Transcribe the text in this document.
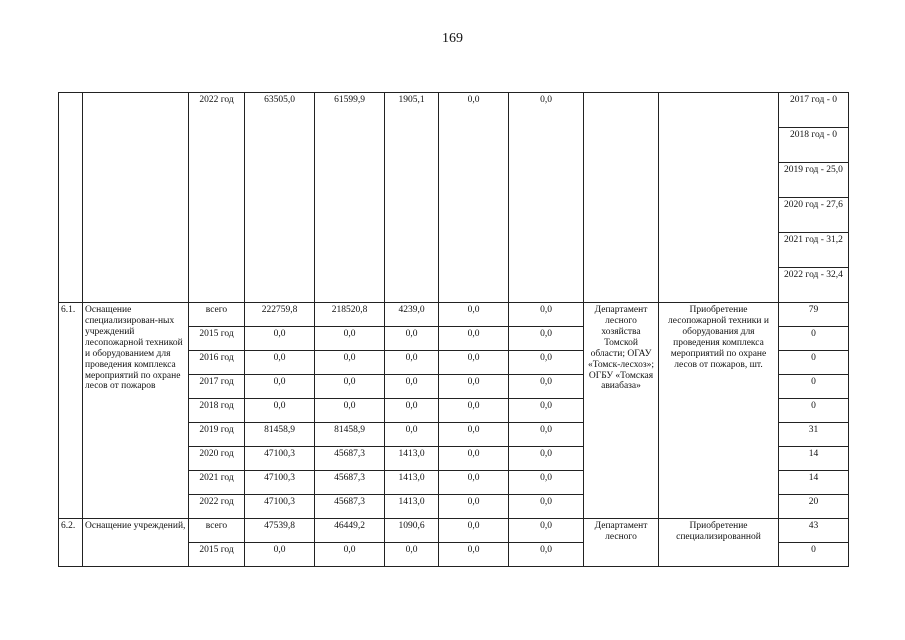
169
		2022 год	63505,0	61599,9	1905,1	0,0	0,0			2017 год - 0
										2018 год - 0
										2019 год - 25,0
										2020 год - 27,6
										2021 год - 31,2
										2022 год - 32,4
6.1.	Оснащение специализирован-ных учреждений лесопожарной техникой и оборудованием для проведения комплекса мероприятий по охране лесов от пожаров	всего	222759,8	218520,8	4239,0	0,0	0,0	Департамент лесного хозяйства Томской области; ОГАУ «Томск-лесхоз»; ОГБУ «Томская авиабаза»	Приобретение лесопожарной техники и оборудования для проведения комплекса мероприятий по охране лесов от пожаров, шт.	79
		2015 год	0,0	0,0	0,0	0,0	0,0			0
		2016 год	0,0	0,0	0,0	0,0	0,0			0
		2017 год	0,0	0,0	0,0	0,0	0,0			0
		2018 год	0,0	0,0	0,0	0,0	0,0			0
		2019 год	81458,9	81458,9	0,0	0,0	0,0			31
		2020 год	47100,3	45687,3	1413,0	0,0	0,0			14
		2021 год	47100,3	45687,3	1413,0	0,0	0,0			14
		2022 год	47100,3	45687,3	1413,0	0,0	0,0			20
6.2.	Оснащение учреждений,	всего	47539,8	46449,2	1090,6	0,0	0,0	Департамент лесного	Приобретение специализированной	43
		2015 год	0,0	0,0	0,0	0,0	0,0			0
